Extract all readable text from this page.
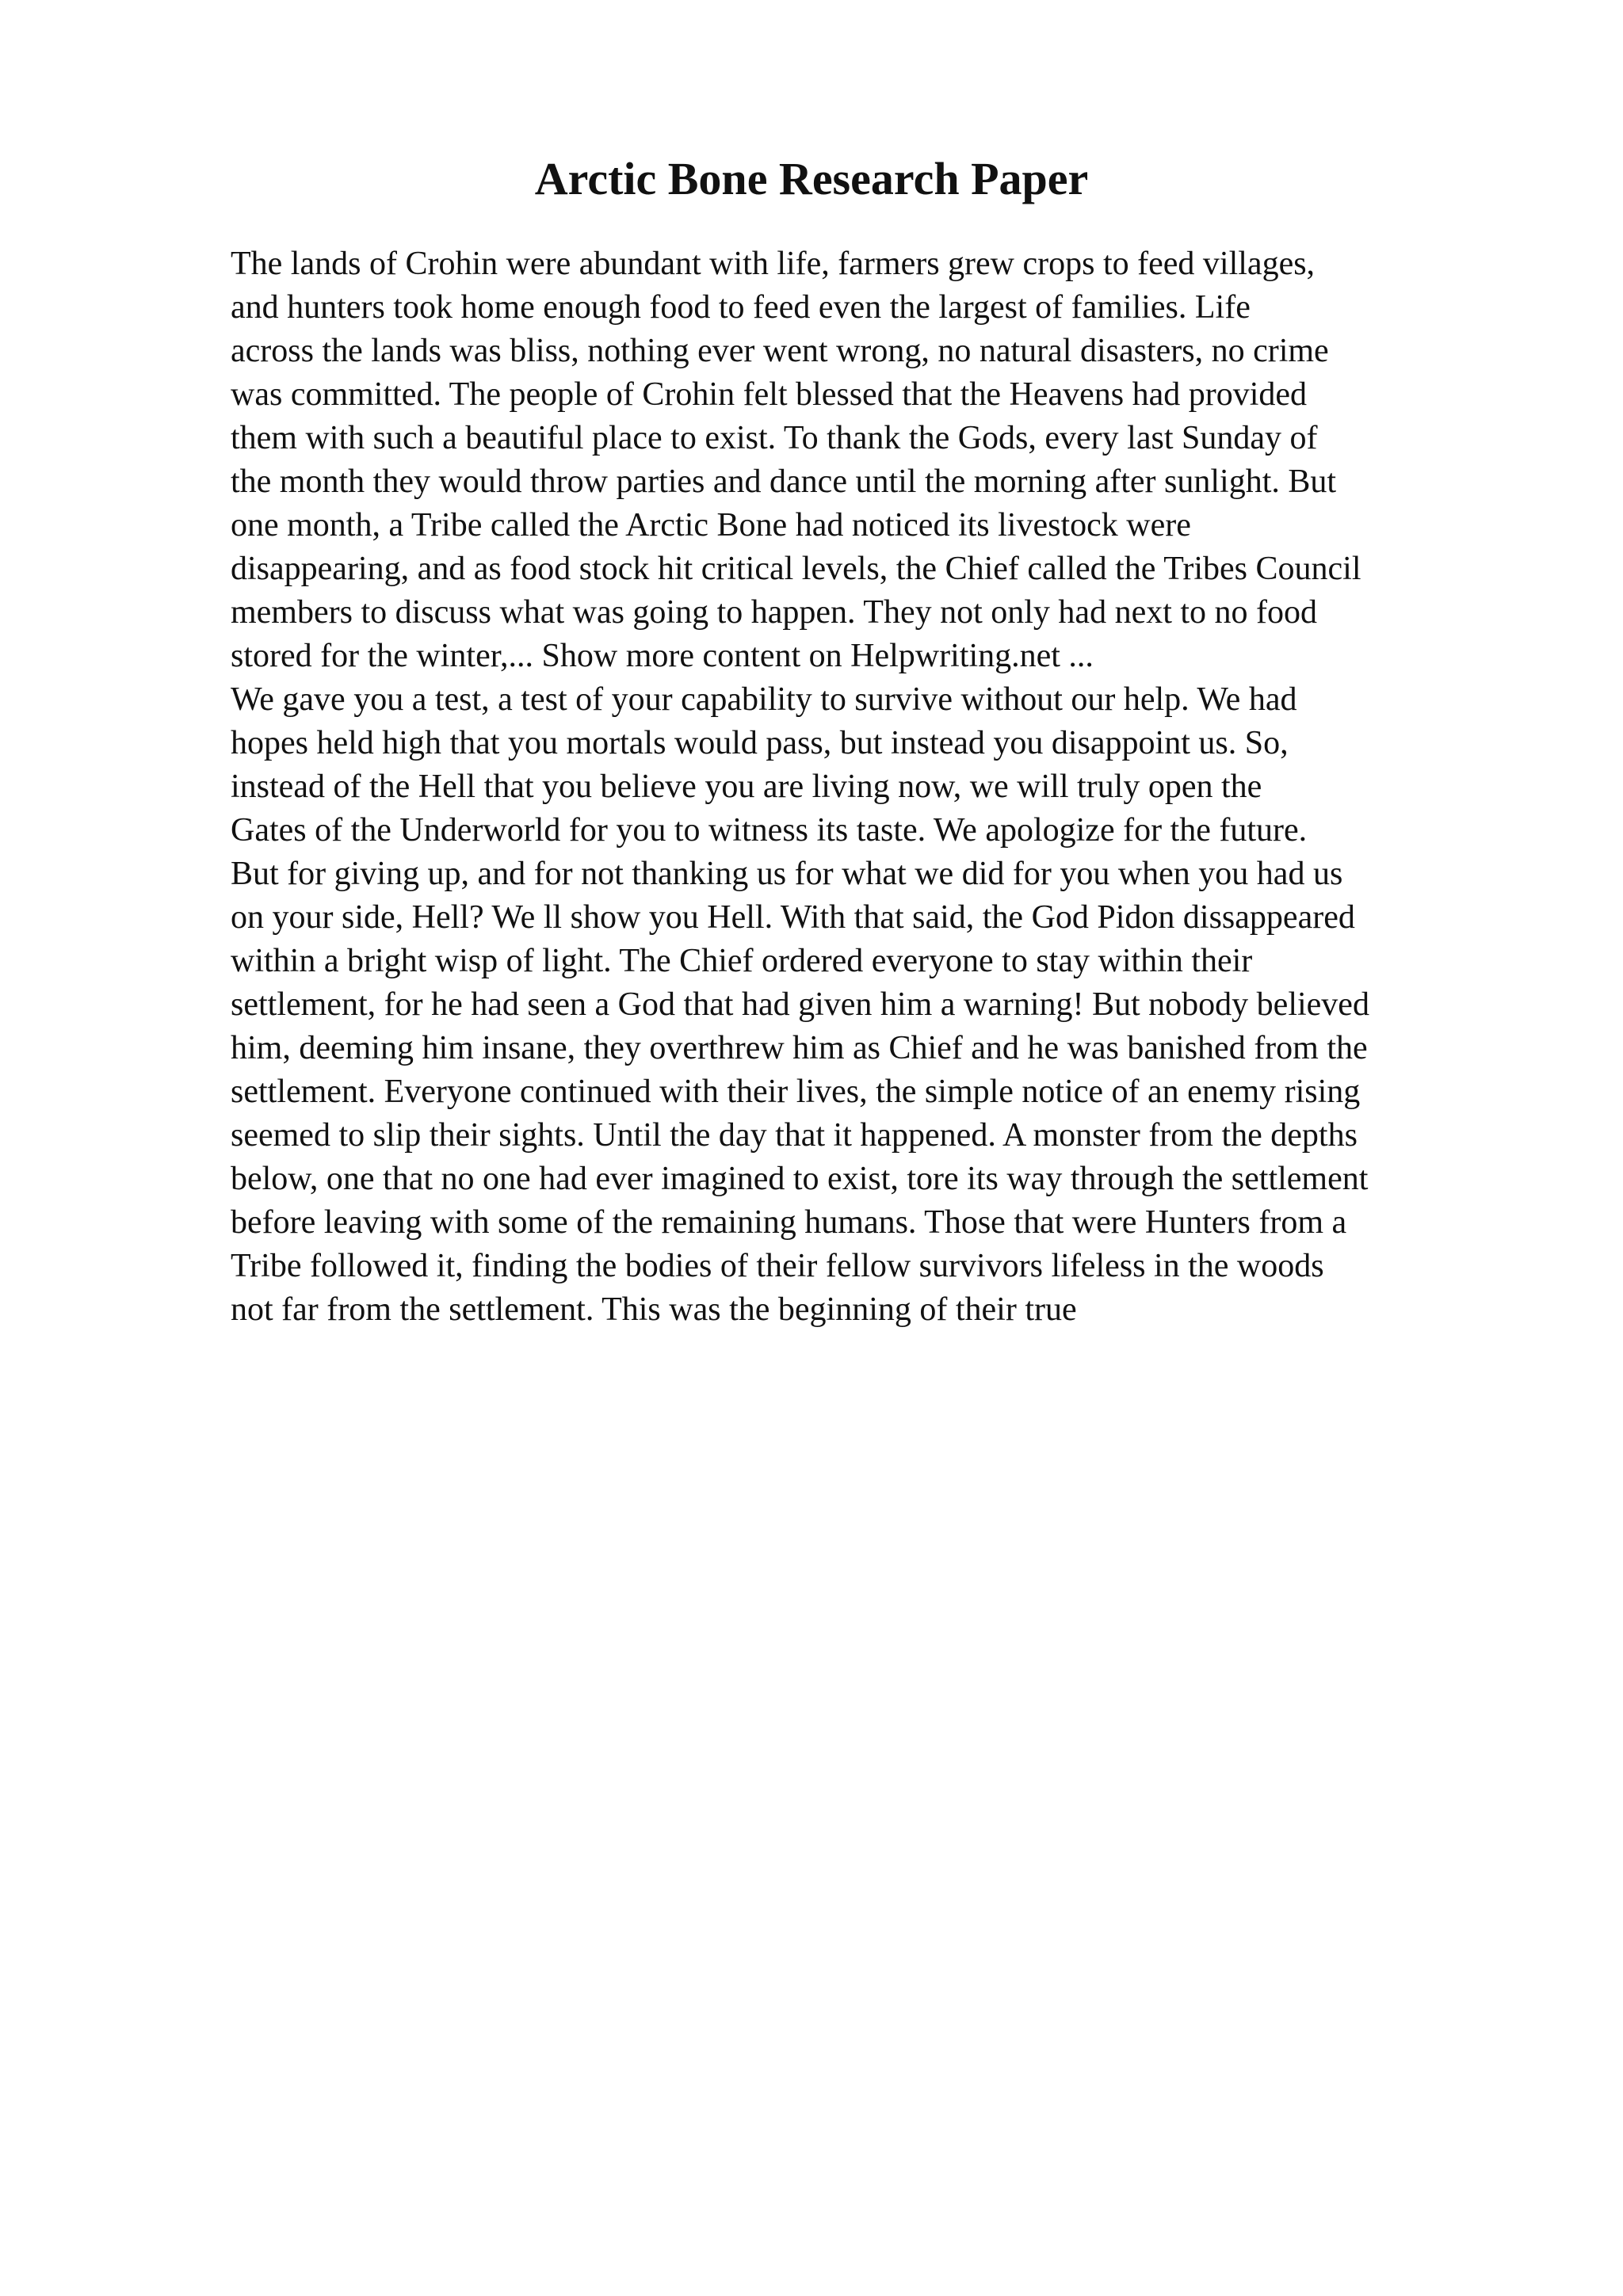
Arctic Bone Research Paper
The lands of Crohin were abundant with life, farmers grew crops to feed villages,
and hunters took home enough food to feed even the largest of families. Life
across the lands was bliss, nothing ever went wrong, no natural disasters, no crime
was committed. The people of Crohin felt blessed that the Heavens had provided
them with such a beautiful place to exist. To thank the Gods, every last Sunday of
the month they would throw parties and dance until the morning after sunlight. But
one month, a Tribe called the Arctic Bone had noticed its livestock were
disappearing, and as food stock hit critical levels, the Chief called the Tribes Council
members to discuss what was going to happen. They not only had next to no food
stored for the winter,... Show more content on Helpwriting.net ...
We gave you a test, a test of your capability to survive without our help. We had
hopes held high that you mortals would pass, but instead you disappoint us. So,
instead of the Hell that you believe you are living now, we will truly open the
Gates of the Underworld for you to witness its taste. We apologize for the future.
But for giving up, and for not thanking us for what we did for you when you had us
on your side, Hell? We ll show you Hell. With that said, the God Pidon dissappeared
within a bright wisp of light. The Chief ordered everyone to stay within their
settlement, for he had seen a God that had given him a warning! But nobody believed
him, deeming him insane, they overthrew him as Chief and he was banished from the
settlement. Everyone continued with their lives, the simple notice of an enemy rising
seemed to slip their sights. Until the day that it happened. A monster from the depths
below, one that no one had ever imagined to exist, tore its way through the settlement
before leaving with some of the remaining humans. Those that were Hunters from a
Tribe followed it, finding the bodies of their fellow survivors lifeless in the woods
not far from the settlement. This was the beginning of their true
